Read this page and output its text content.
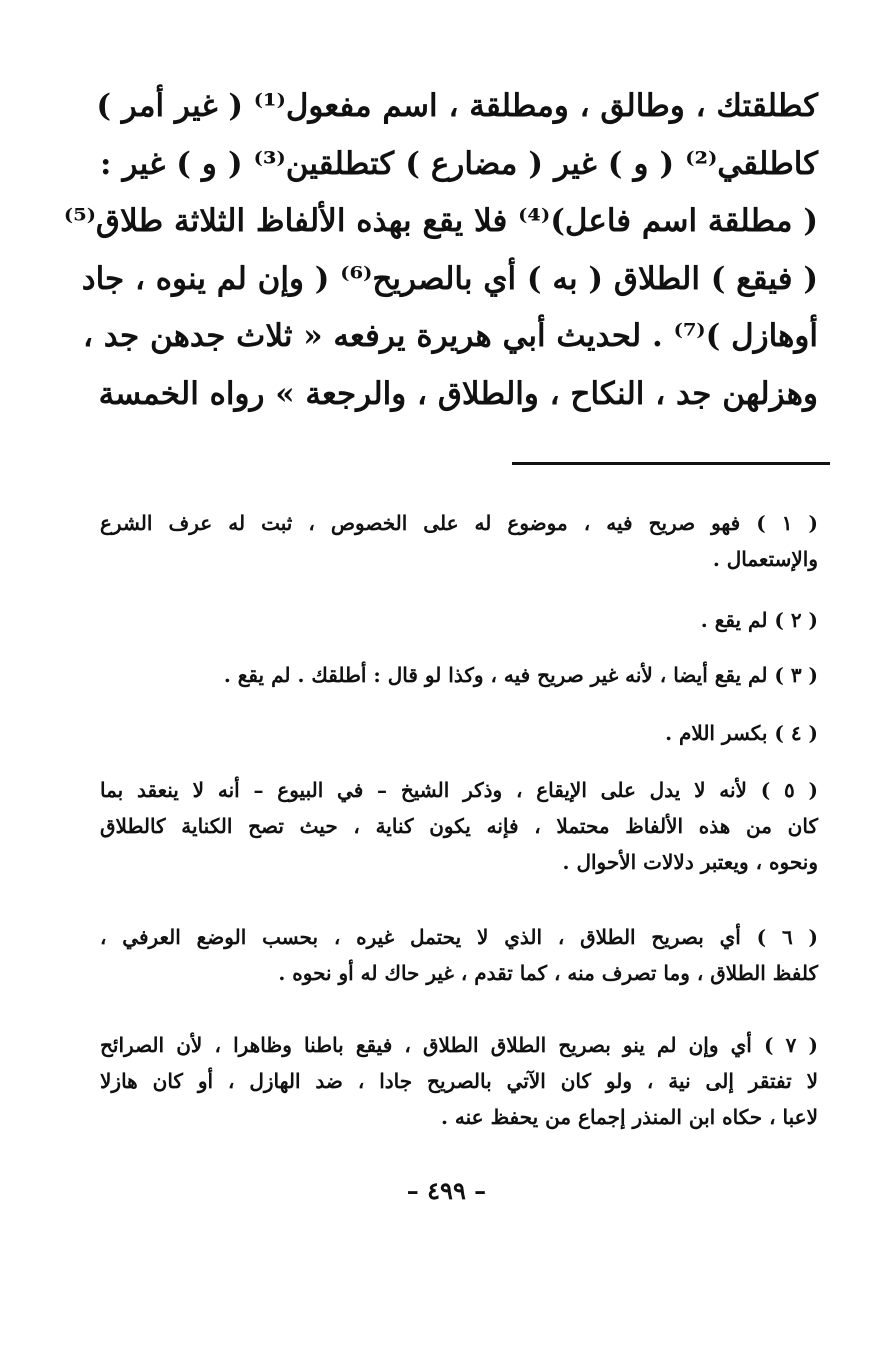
كطلقتك ، وطالق ، ومطلقة ، اسم مفعول⁽¹⁾ ( غير أمر )
كاطلقي⁽²⁾ ( و ) غير ( مضارع ) كتطلقين⁽³⁾ ( و ) غير :
( مطلقة اسم فاعل)⁽⁴⁾ فلا يقع بهذه الألفاظ الثلاثة طلاق⁽⁵⁾
( فيقع ) الطلاق ( به ) أي بالصريح⁽⁶⁾ ( وإن لم ينوه ، جاد
أوهازل )⁽⁷⁾ . لحديث أبي هريرة يرفعه « ثلاث جدهن جد ،
وهزلهن جد ، النكاح ، والطلاق ، والرجعة » رواه الخمسة
( ١ ) فهو صريح فيه ، موضوع له على الخصوص ، ثبت له عرف الشرع
والإستعمال .
( ٢ ) لم يقع .
( ٣ ) لم يقع أيضا ، لأنه غير صريح فيه ، وكذا لو قال : أطلقك . لم يقع .
( ٤ ) بكسر اللام .
( ٥ ) لأنه لا يدل على الإيقاع ، وذكر الشيخ – في البيوع – أنه لا ينعقد بما
كان من هذه الألفاظ محتملا ، فإنه يكون كناية ، حيث تصح الكناية كالطلاق
ونحوه ، ويعتبر دلالات الأحوال .
( ٦ ) أي بصريح الطلاق ، الذي لا يحتمل غيره ، بحسب الوضع العرفي ،
كلفظ الطلاق ، وما تصرف منه ، كما تقدم ، غير حاك له أو نحوه .
( ٧ ) أي وإن لم ينو بصريح الطلاق الطلاق ، فيقع باطنا وظاهرا ، لأن الصرائح
لا تفتقر إلى نية ، ولو كان الآتي بالصريح جادا ، ضد الهازل ، أو كان هازلا
لاعبا ، حكاه ابن المنذر إجماع من يحفظ عنه .
– ٤٩٩ –
